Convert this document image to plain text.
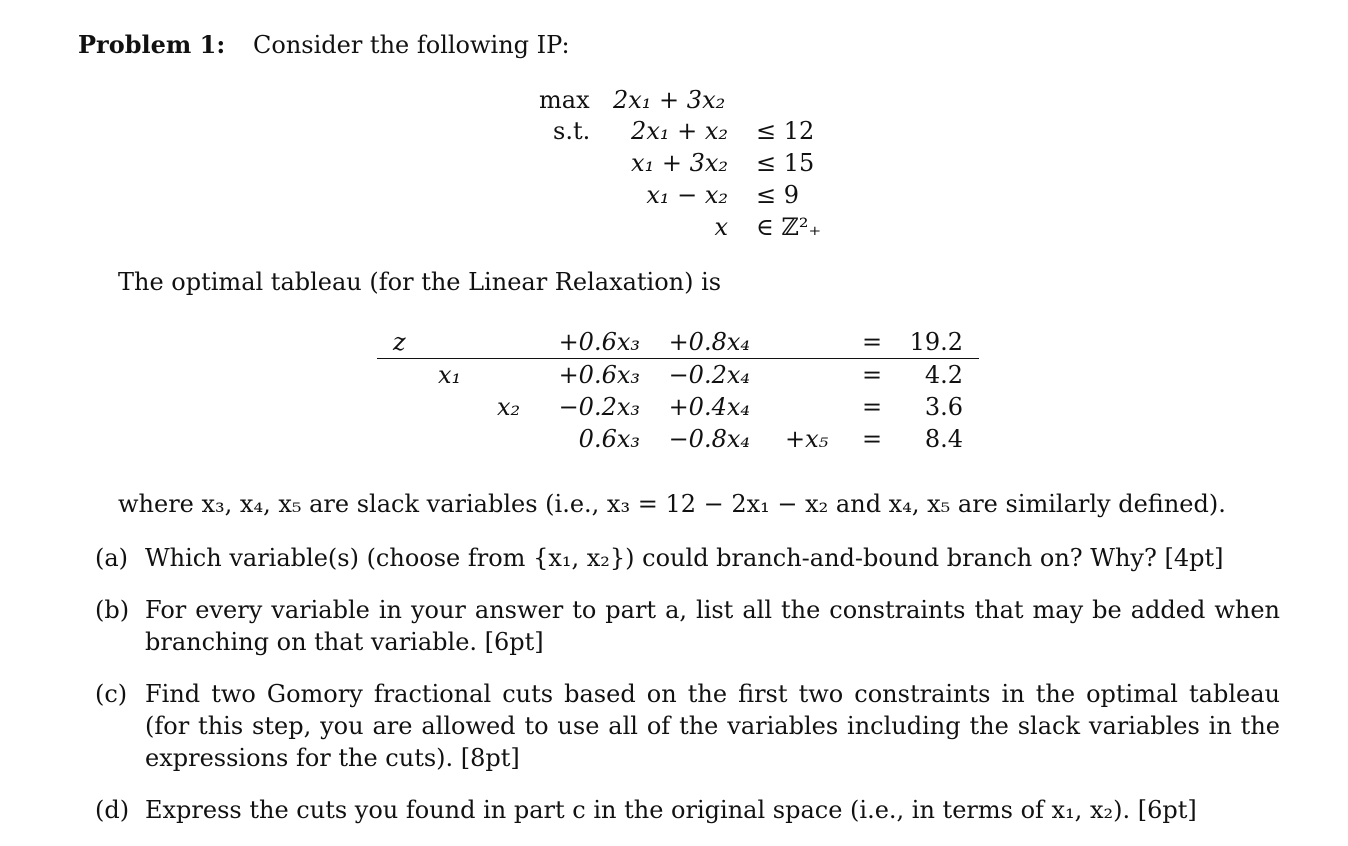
Problem 1: Consider the following IP:
max 2x₁ + 3x₂
s.t.	2x₁ + x₂ ≤ 12
x₁ + 3x₂ ≤ 15
x₁ − x₂ ≤ 9
x ∈ ℤ²₊
The optimal tableau (for the Linear Relaxation) is
z	+0.6x₃	+0.8x₄	=	19.2
x₁	+0.6x₃	−0.2x₄	=	4.2
x₂	−0.2x₃	+0.4x₄	=	3.6
0.6x₃	−0.8x₄ +x₅ =	8.4
where x₃, x₄, x₅ are slack variables (i.e., x₃ = 12 − 2x₁ − x₂ and x₄, x₅ are similarly defined).
(a) Which variable(s) (choose from {x₁, x₂}) could branch-and-bound branch on? Why? [4pt]
(b) For every variable in your answer to part a, list all the constraints that may be added when branching on that variable. [6pt]
(c) Find two Gomory fractional cuts based on the first two constraints in the optimal tableau (for this step, you are allowed to use all of the variables including the slack variables in the expressions for the cuts). [8pt]
(d) Express the cuts you found in part c in the original space (i.e., in terms of x₁, x₂). [6pt]
